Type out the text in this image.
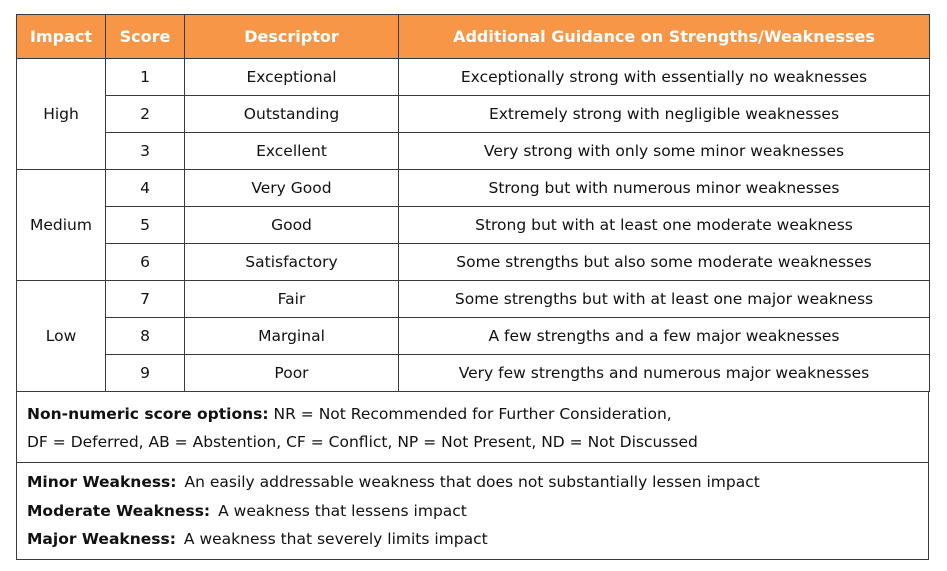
Impact	Score	Descriptor	Additional Guidance on Strengths/Weaknesses
High	1	Exceptional	Exceptionally strong with essentially no weaknesses
	2	Outstanding	Extremely strong with negligible weaknesses
	3	Excellent	Very strong with only some minor weaknesses
Medium	4	Very Good	Strong but with numerous minor weaknesses
	5	Good	Strong but with at least one moderate weakness
	6	Satisfactory	Some strengths but also some moderate weaknesses
Low	7	Fair	Some strengths but with at least one major weakness
	8	Marginal	A few strengths and a few major weaknesses
	9	Poor	Very few strengths and numerous major weaknesses
Non-numeric score options: NR = Not Recommended for Further Consideration,
DF = Deferred, AB = Abstention, CF = Conflict, NP = Not Present, ND = Not Discussed
Minor Weakness: An easily addressable weakness that does not substantially lessen impact
Moderate Weakness: A weakness that lessens impact
Major Weakness: A weakness that severely limits impact
